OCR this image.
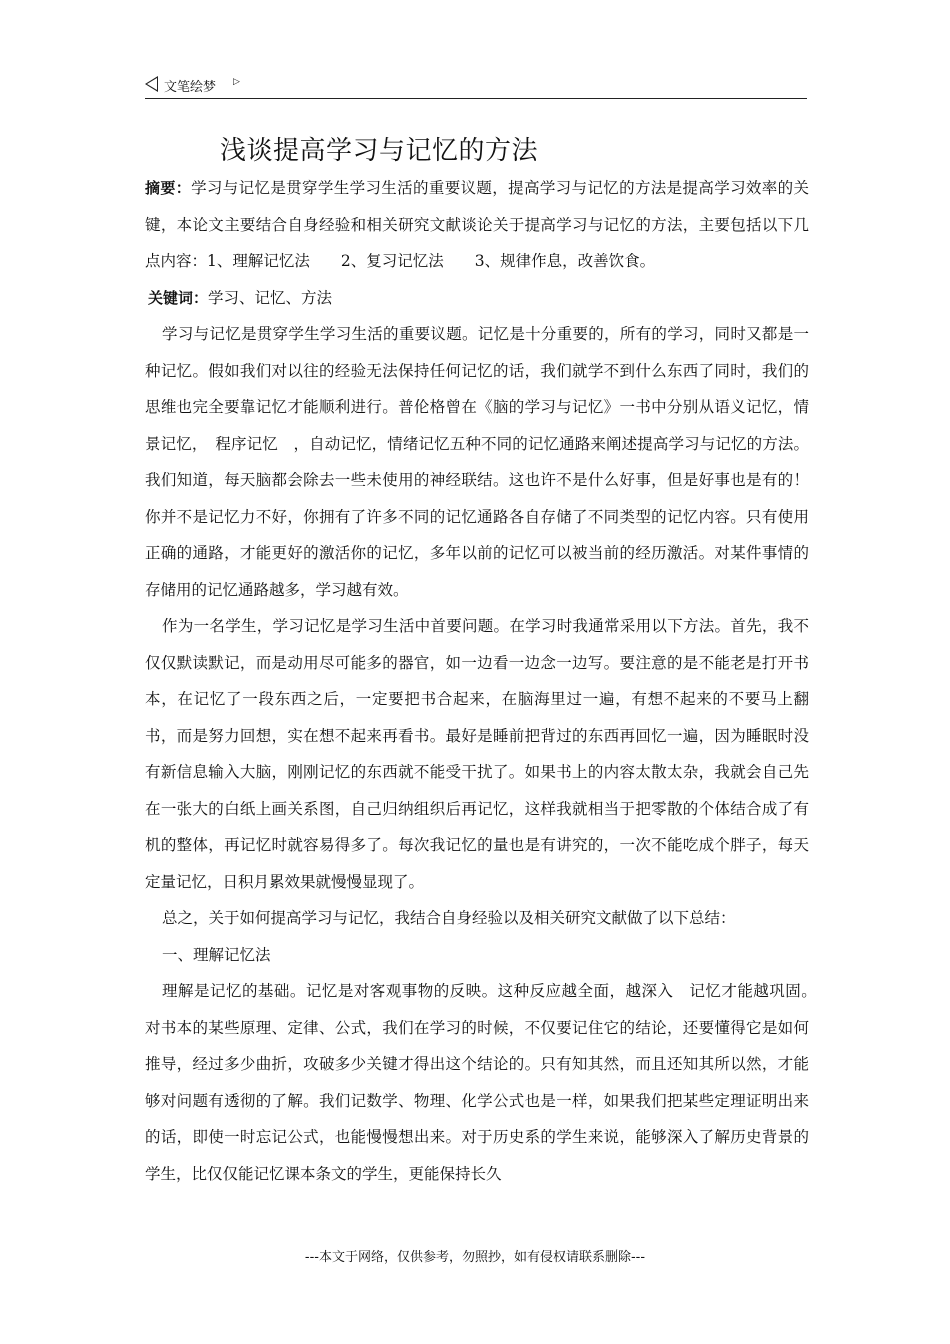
文笔绘梦 ▷
浅谈提高学习与记忆的方法

摘要：学习与记忆是贯穿学生学习生活的重要议题，提高学习与记忆的方法是提高学习效率的关键，本论文主要结合自身经验和相关研究文献谈论关于提高学习与记忆的方法，主要包括以下几点内容：1、理解记忆法　　2、复习记忆法　　3、规律作息，改善饮食。

关键词：学习、记忆、方法

学习与记忆是贯穿学生学习生活的重要议题。记忆是十分重要的，所有的学习，同时又都是一种记忆。假如我们对以往的经验无法保持任何记忆的话，我们就学不到什么东西了同时，我们的思维也完全要靠记忆才能顺利进行。普伦格曾在《脑的学习与记忆》一书中分别从语义记忆，情景记忆，　程序记忆　，自动记忆，情绪记忆五种不同的记忆通路来阐述提高学习与记忆的方法。我们知道，每天脑都会除去一些未使用的神经联结。这也许不是什么好事，但是好事也是有的！你并不是记忆力不好，你拥有了许多不同的记忆通路各自存储了不同类型的记忆内容。只有使用正确的通路，才能更好的激活你的记忆，多年以前的记忆可以被当前的经历激活。对某件事情的存储用的记忆通路越多，学习越有效。

作为一名学生，学习记忆是学习生活中首要问题。在学习时我通常采用以下方法。首先，我不仅仅默读默记，而是动用尽可能多的器官，如一边看一边念一边写。要注意的是不能老是打开书本，在记忆了一段东西之后，一定要把书合起来，在脑海里过一遍，有想不起来的不要马上翻书，而是努力回想，实在想不起来再看书。最好是睡前把背过的东西再回忆一遍，因为睡眠时没有新信息输入大脑，刚刚记忆的东西就不能受干扰了。如果书上的内容太散太杂，我就会自己先在一张大的白纸上画关系图，自己归纳组织后再记忆，这样我就相当于把零散的个体结合成了有机的整体，再记忆时就容易得多了。每次我记忆的量也是有讲究的，一次不能吃成个胖子，每天定量记忆，日积月累效果就慢慢显现了。

总之，关于如何提高学习与记忆，我结合自身经验以及相关研究文献做了以下总结：

一、理解记忆法

理解是记忆的基础。记忆是对客观事物的反映。这种反应越全面，越深入　记忆才能越巩固。　对书本的某些原理、定律、公式，我们在学习的时候，不仅要记住它的结论，还要懂得它是如何推导，经过多少曲折，攻破多少关键才得出这个结论的。只有知其然，而且还知其所以然，才能够对问题有透彻的了解。我们记数学、物理、化学公式也是一样，如果我们把某些定理证明出来的话，即使一时忘记公式，也能慢慢想出来。对于历史系的学生来说，能够深入了解历史背景的学生，比仅仅能记忆课本条文的学生，更能保持长久

---本文于网络，仅供参考，勿照抄，如有侵权请联系删除---
